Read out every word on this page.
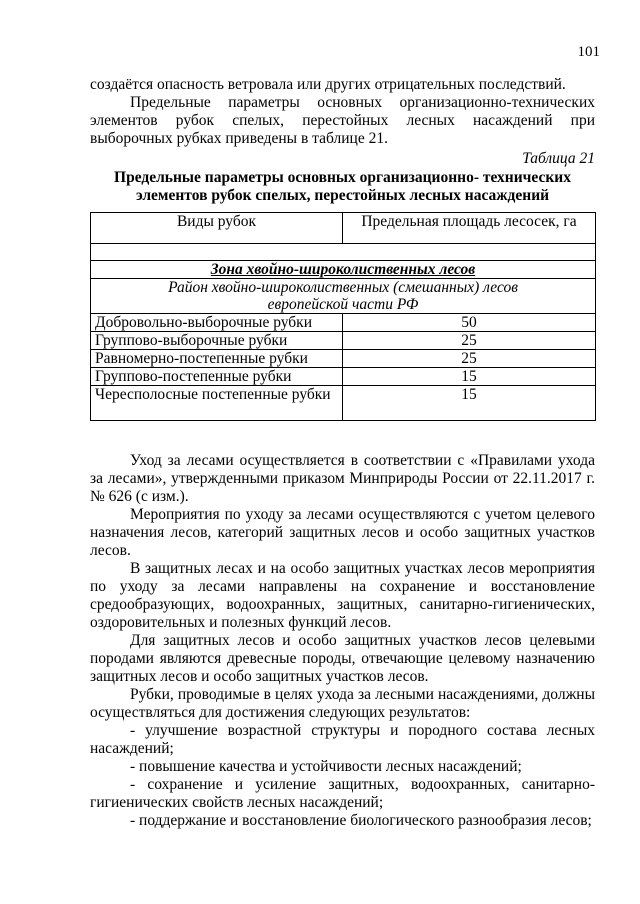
101
создаётся опасность ветровала или других отрицательных последствий.
Предельные параметры основных организационно-технических элементов рубок спелых, перестойных лесных насаждений при выборочных рубках приведены в таблице 21.
Таблица 21
Предельные параметры основных организационно- технических элементов рубок спелых, перестойных лесных насаждений
Виды рубок	Предельная площадь лесосек, га

Зона хвойно-широколиственных лесов	

Район хвойно-широколиственных (смешанных) лесов
европейской части РФ	

Добровольно-выборочные рубки	50
Группово-выборочные рубки	25
Равномерно-постепенные рубки	25
Группово-постепенные рубки	15
Чересполосные постепенные рубки	15
Уход за лесами осуществляется в соответствии с «Правилами ухода за лесами», утвержденными приказом Минприроды России от 22.11.2017 г. № 626 (с изм.).
Мероприятия по уходу за лесами осуществляются с учетом целевого назначения лесов, категорий защитных лесов и особо защитных участков лесов.
В защитных лесах и на особо защитных участках лесов мероприятия по уходу за лесами направлены на сохранение и восстановление средообразующих, водоохранных, защитных, санитарно-гигиенических, оздоровительных и полезных функций лесов.
Для защитных лесов и особо защитных участков лесов целевыми породами являются древесные породы, отвечающие целевому назначению защитных лесов и особо защитных участков лесов.
Рубки, проводимые в целях ухода за лесными насаждениями, должны осуществляться для достижения следующих результатов:
- улучшение возрастной структуры и породного состава лесных насаждений;
- повышение качества и устойчивости лесных насаждений;
- сохранение и усиление защитных, водоохранных, санитарно-гигиенических свойств лесных насаждений;
- поддержание и восстановление биологического разнообразия лесов;
